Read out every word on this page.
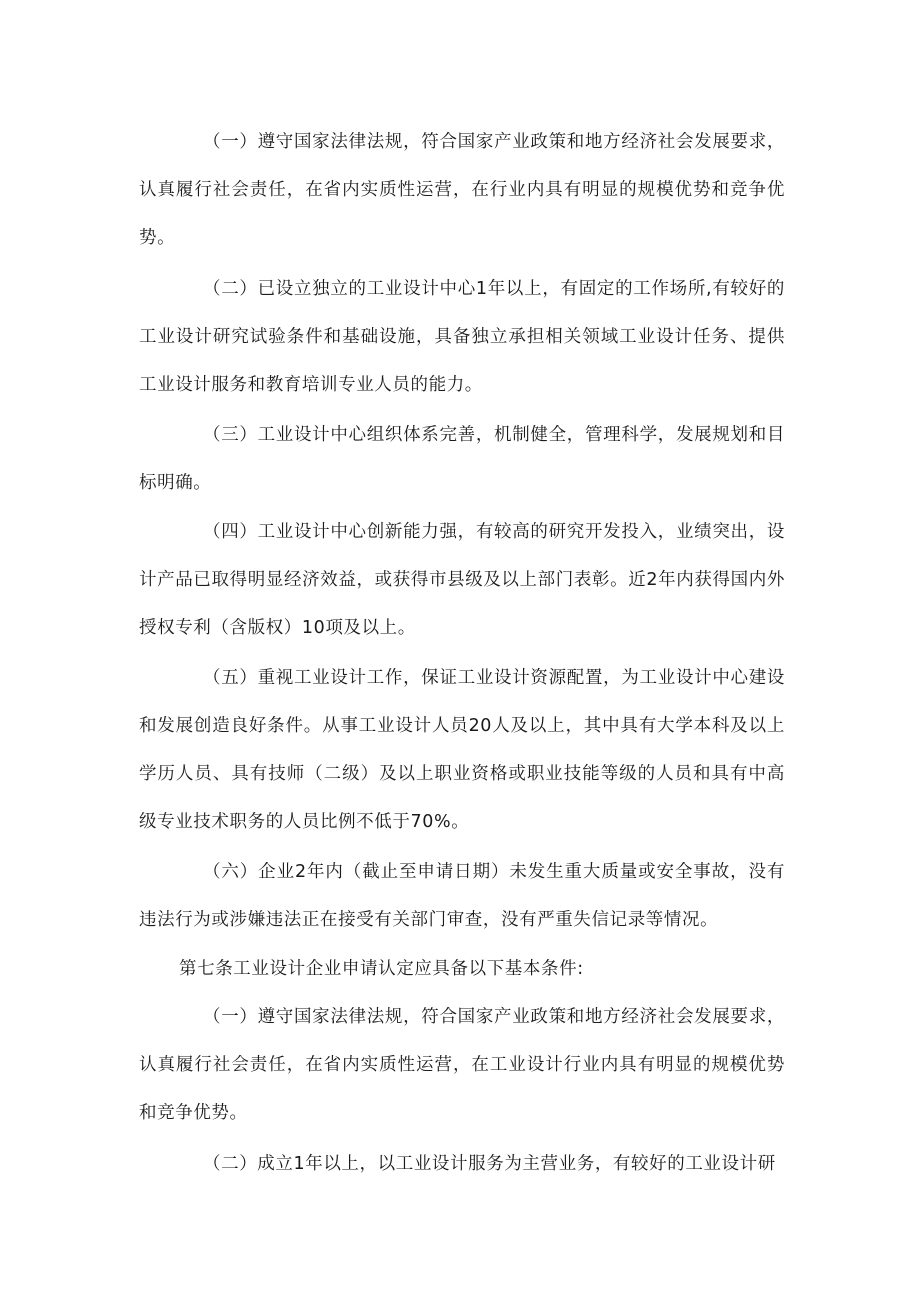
（一）遵守国家法律法规，符合国家产业政策和地方经济社会发展要求，认真履行社会责任，在省内实质性运营，在行业内具有明显的规模优势和竞争优势。

（二）已设立独立的工业设计中心1年以上，有固定的工作场所,有较好的工业设计研究试验条件和基础设施，具备独立承担相关领域工业设计任务、提供工业设计服务和教育培训专业人员的能力。

（三）工业设计中心组织体系完善，机制健全，管理科学，发展规划和目标明确。

（四）工业设计中心创新能力强，有较高的研究开发投入，业绩突出，设计产品已取得明显经济效益，或获得市县级及以上部门表彰。近2年内获得国内外授权专利（含版权）10项及以上。

（五）重视工业设计工作，保证工业设计资源配置，为工业设计中心建设和发展创造良好条件。从事工业设计人员20人及以上，其中具有大学本科及以上学历人员、具有技师（二级）及以上职业资格或职业技能等级的人员和具有中高级专业技术职务的人员比例不低于70%。

（六）企业2年内（截止至申请日期）未发生重大质量或安全事故，没有违法行为或涉嫌违法正在接受有关部门审查，没有严重失信记录等情况。

第七条工业设计企业申请认定应具备以下基本条件:

（一）遵守国家法律法规，符合国家产业政策和地方经济社会发展要求，认真履行社会责任，在省内实质性运营，在工业设计行业内具有明显的规模优势和竞争优势。

（二）成立1年以上，以工业设计服务为主营业务，有较好的工业设计研
